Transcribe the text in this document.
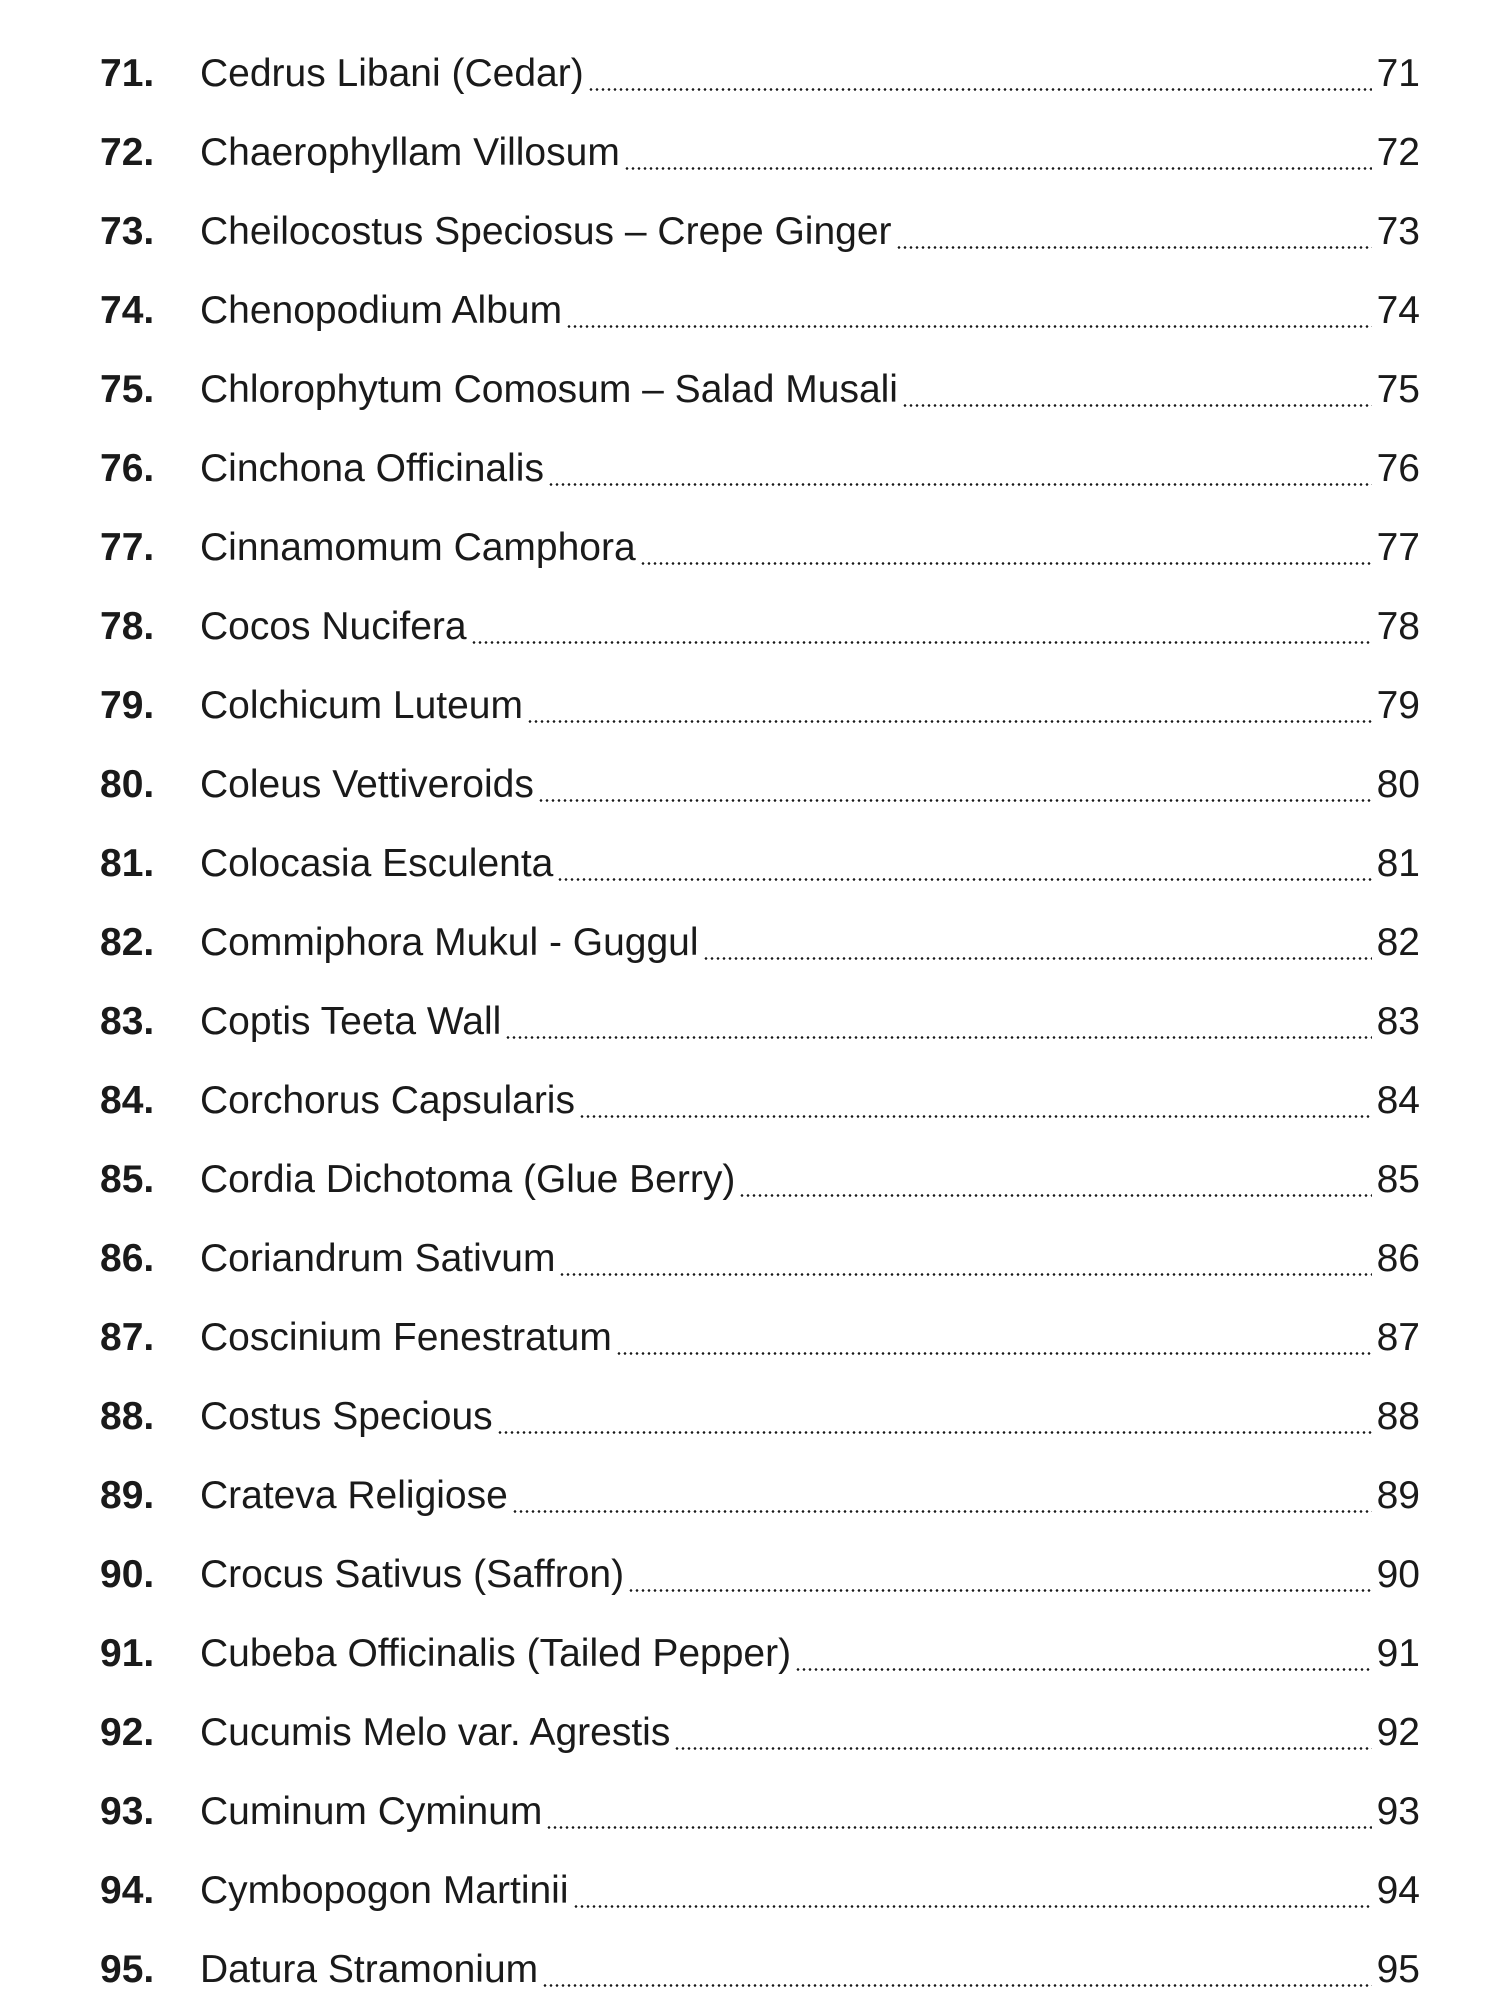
71.	Cedrus Libani (Cedar)	71
72.	Chaerophyllam Villosum	72
73.	Cheilocostus Speciosus – Crepe Ginger	73
74.	Chenopodium Album	74
75.	Chlorophytum Comosum – Salad Musali	75
76.	Cinchona Officinalis	76
77.	Cinnamomum Camphora	77
78.	Cocos Nucifera	78
79.	Colchicum Luteum	79
80.	Coleus Vettiveroids	80
81.	Colocasia Esculenta	81
82.	Commiphora Mukul - Guggul	82
83.	Coptis Teeta Wall	83
84.	Corchorus Capsularis	84
85.	Cordia Dichotoma (Glue Berry)	85
86.	Coriandrum Sativum	86
87.	Coscinium Fenestratum	87
88.	Costus Specious	88
89.	Crateva Religiose	89
90.	Crocus Sativus (Saffron)	90
91.	Cubeba Officinalis (Tailed Pepper)	91
92.	Cucumis Melo var. Agrestis	92
93.	Cuminum Cyminum	93
94.	Cymbopogon Martinii	94
95.	Datura Stramonium	95
